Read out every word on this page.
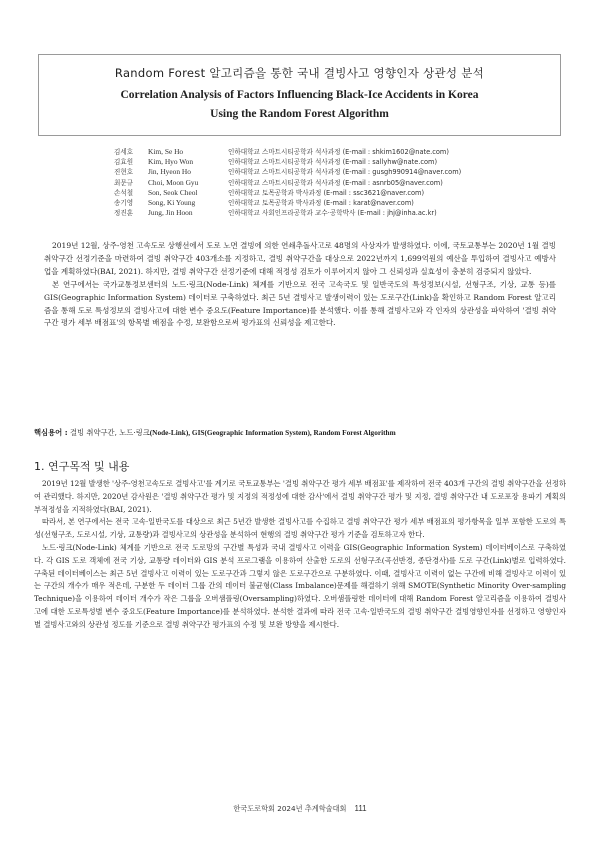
Random Forest 알고리즘을 통한 국내 결빙사고 영향인자 상관성 분석
Correlation Analysis of Factors Influencing Black-Ice Accidents in Korea
Using the Random Forest Algorithm
김세호 Kim, Se Ho	인하대학교 스마트시티공학과 석사과정 (E-mail : shkim1602@nate.com)
김효원 Kim, Hyo Won	인하대학교 스마트시티공학과 석사과정 (E-mail : sallyhw@nate.com)
진현호 Jin, Hyeon Ho	인하대학교 스마트시티공학과 석사과정 (E-mail : gusgh990914@naver.com)
최문규 Choi, Moon Gyu	인하대학교 스마트시티공학과 석사과정 (E-mail : asnrb05@naver.com)
손석철 Son, Seok Cheol	인하대학교 토목공학과 박사과정 (E-mail : ssc3621@naver.com)
송기영 Song, Ki Young	인하대학교 토목공학과 박사과정 (E-mail : karat@naver.com)
정진훈 Jung, Jin Hoon	인하대학교 사회인프라공학과 교수·공학박사 (E-mail : jhj@inha.ac.kr)

2019년 12월, 상주-영천 고속도로 상행선에서 도로 노면 결빙에 의한 연쇄추돌사고로 48명의 사상자가 발생하였다. 이에, 국토교통부는 2020년 1월 결빙 취약구간 선정기준을 마련하여 결빙 취약구간 403개소를 지정하고, 결빙 취약구간을 대상으로 2022년까지 1,699억원의 예산을 투입하여 결빙사고 예방사업을 계획하였다(BAI, 2021). 하지만, 결빙 취약구간 선정기준에 대해 적정성 검토가 이루어지지 않아 그 신뢰성과 실효성이 충분히 검증되지 않았다.

본 연구에서는 국가교통정보센터의 노드·링크(Node-Link) 체계를 기반으로 전국 고속국도 및 일반국도의 특성정보(시설, 선형구조, 기상, 교통 등)를 GIS(Geographic Information System) 데이터로 구축하였다. 최근 5년 결빙사고 발생이력이 있는 도로구간(Link)을 확인하고 Random Forest 알고리즘을 통해 도로 특성정보의 결빙사고에 대한 변수 중요도(Feature Importance)를 분석했다. 이를 통해 결빙사고와 각 인자의 상관성을 파악하여 '결빙 취약구간 평가 세부 배점표'의 항목별 배점을 수정, 보완함으로써 평가표의 신뢰성을 제고한다.

핵심용어 : 결빙 취약구간, 노드·링크(Node-Link), GIS(Geographic Information System), Random Forest Algorithm
1. 연구목적 및 내용

2019년 12월 발생한 '상주-영천고속도로 결빙사고'를 계기로 국토교통부는 '결빙 취약구간 평가 세부 배점표'를 제작하여 전국 403개 구간의 결빙 취약구간을 선정하여 관리했다. 하지만, 2020년 감사원은 '결빙 취약구간 평가 및 지정의 적정성에 대한 감사'에서 결빙 취약구간 평가 및 지정, 결빙 취약구간 내 도로포장 용파기 계획의 부적정성을 지적하였다(BAI, 2021).

따라서, 본 연구에서는 전국 고속·일반국도를 대상으로 최근 5년간 발생한 결빙사고를 수집하고 결빙 취약구간 평가 세부 배점표의 평가항목을 일부 포함한 도로의 특성(선형구조, 도로시설, 기상, 교통량)과 결빙사고의 상관성을 분석하여 현행의 결빙 취약구간 평가 기준을 검토하고자 한다.

노드·링크(Node-Link) 체계를 기반으로 전국 도로망의 구간별 특성과 국내 결빙사고 이력을 GIS(Geographic Information System) 데이터베이스로 구축하였다. 각 GIS 도로 객체에 전국 기상, 교통량 데이터와 GIS 분석 프로그램을 이용하여 산출한 도로의 선형구조(곡선반경, 종단경사)를 도로 구간(Link)별로 입력하였다. 구축된 데이터베이스는 최근 5년 결빙사고 이력이 있는 도로구간과 그렇지 않은 도로구간으로 구분하였다. 이때, 결빙사고 이력이 없는 구간에 비해 결빙사고 이력이 있는 구간의 개수가 매우 적은데, 구분한 두 데이터 그룹 간의 데이터 불균형(Class Imbalance)문제를 해결하기 위해 SMOTE(Synthetic Minority Over-sampling Technique)을 이용하여 데이터 개수가 작은 그룹을 오버샘플링(Oversampling)하였다. 오버샘플링한 데이터에 대해 Random Forest 알고리즘을 이용하여 결빙사고에 대한 도로특성별 변수 중요도(Feature Importance)를 분석하였다. 분석한 결과에 따라 전국 고속·일반국도의 결빙 취약구간 결빙영향인자를 선정하고 영향인자별 결빙사고와의 상관성 정도를 기준으로 결빙 취약구간 평가표의 수정 및 보완 방향을 제시한다.

한국도로학회 2024년 추계학술대회 111
